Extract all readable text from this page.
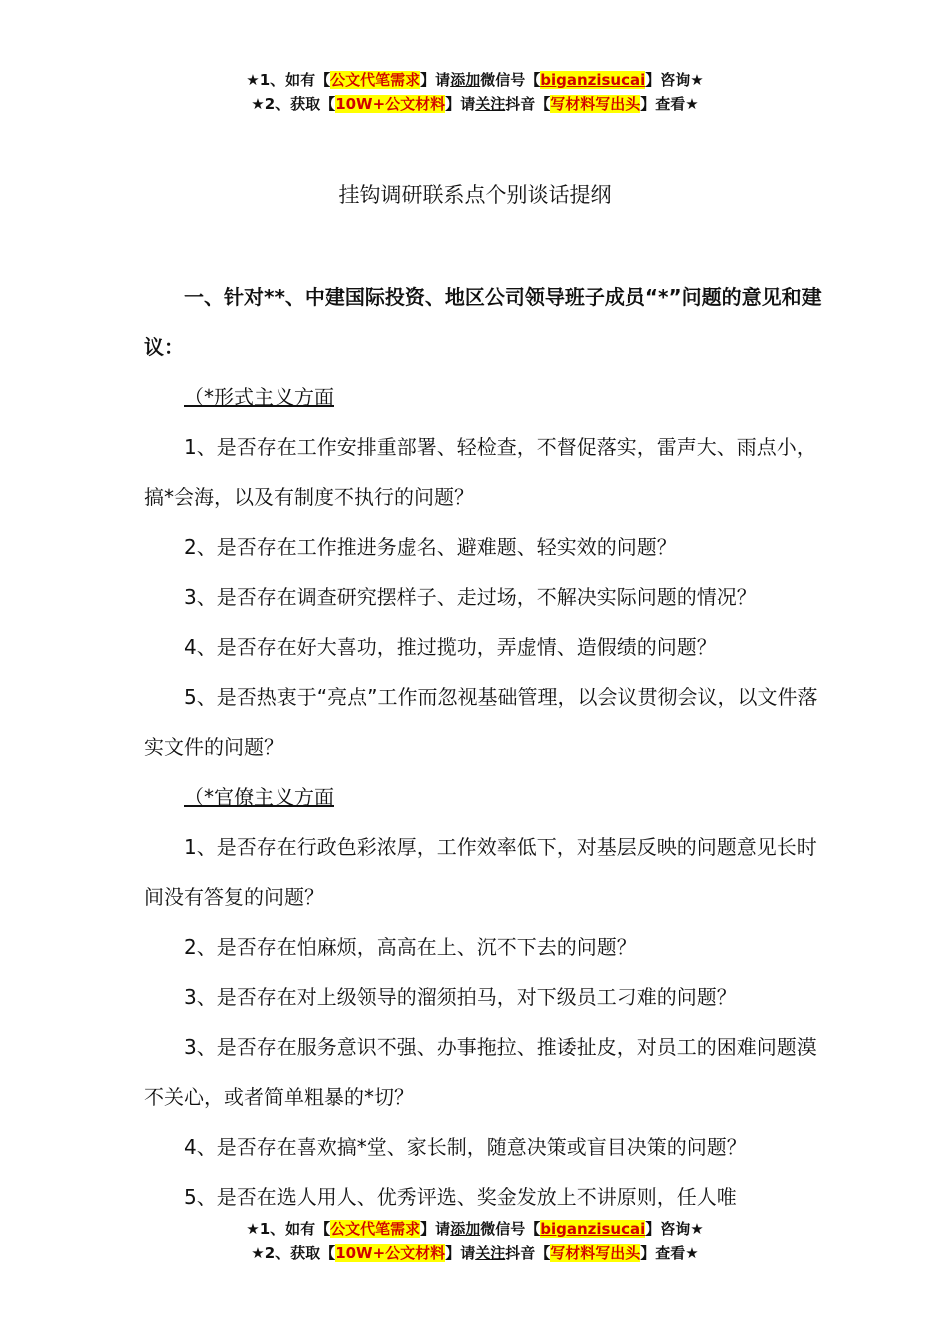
★1、如有【公文代笔需求】请添加微信号【biganzisucai】咨询★
★2、获取【10W+公文材料】请关注抖音【写材料写出头】查看★
挂钩调研联系点个别谈话提纲

一、针对**、中建国际投资、地区公司领导班子成员“*”问题的意见和建议：

（*形式主义方面

1、是否存在工作安排重部署、轻检查，不督促落实，雷声大、雨点小，搞*会海，以及有制度不执行的问题？

2、是否存在工作推进务虚名、避难题、轻实效的问题？

3、是否存在调查研究摆样子、走过场，不解决实际问题的情况？

4、是否存在好大喜功，推过揽功，弄虚情、造假绩的问题？

5、是否热衷于“亮点”工作而忽视基础管理，以会议贯彻会议，以文件落实文件的问题？

（*官僚主义方面

1、是否存在行政色彩浓厚，工作效率低下，对基层反映的问题意见长时间没有答复的问题？

2、是否存在怕麻烦，高高在上、沉不下去的问题？

3、是否存在对上级领导的溜须拍马，对下级员工刁难的问题？

3、是否存在服务意识不强、办事拖拉、推诿扯皮，对员工的困难问题漠不关心，或者简单粗暴的*切？

4、是否存在喜欢搞*堂、家长制，随意决策或盲目决策的问题？

5、是否在选人用人、优秀评选、奖金发放上不讲原则，任人唯

★1、如有【公文代笔需求】请添加微信号【biganzisucai】咨询★
★2、获取【10W+公文材料】请关注抖音【写材料写出头】查看★
